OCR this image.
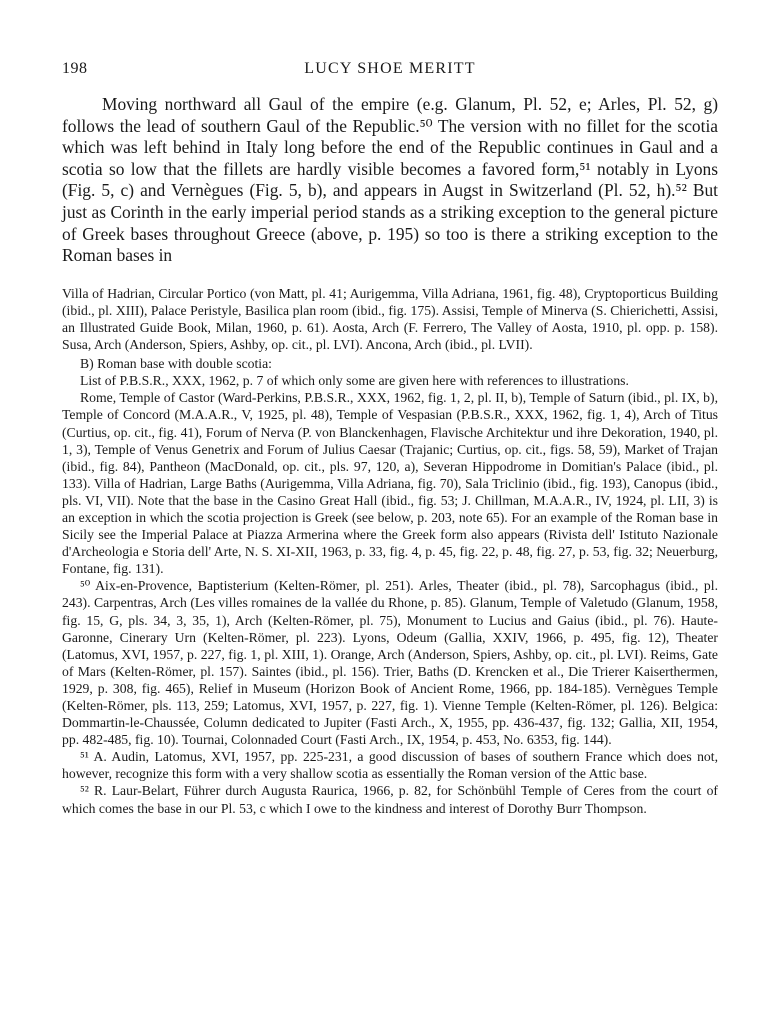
198	LUCY SHOE MERITT

Moving northward all Gaul of the empire (e.g. Glanum, Pl. 52, e; Arles, Pl. 52, g) follows the lead of southern Gaul of the Republic.⁵⁰ The version with no fillet for the scotia which was left behind in Italy long before the end of the Republic continues in Gaul and a scotia so low that the fillets are hardly visible becomes a favored form,⁵¹ notably in Lyons (Fig. 5, c) and Vernègues (Fig. 5, b), and appears in Augst in Switzerland (Pl. 52, h).⁵² But just as Corinth in the early imperial period stands as a striking exception to the general picture of Greek bases throughout Greece (above, p. 195) so too is there a striking exception to the Roman bases in

Villa of Hadrian, Circular Portico (von Matt, pl. 41; Aurigemma, Villa Adriana, 1961, fig. 48), Cryptoporticus Building (ibid., pl. XIII), Palace Peristyle, Basilica plan room (ibid., fig. 175). Assisi, Temple of Minerva (S. Chierichetti, Assisi, an Illustrated Guide Book, Milan, 1960, p. 61). Aosta, Arch (F. Ferrero, The Valley of Aosta, 1910, pl. opp. p. 158). Susa, Arch (Anderson, Spiers, Ashby, op. cit., pl. LVI). Ancona, Arch (ibid., pl. LVII).

B) Roman base with double scotia:

List of P.B.S.R., XXX, 1962, p. 7 of which only some are given here with references to illustrations.

Rome, Temple of Castor (Ward-Perkins, P.B.S.R., XXX, 1962, fig. 1, 2, pl. II, b), Temple of Saturn (ibid., pl. IX, b), Temple of Concord (M.A.A.R., V, 1925, pl. 48), Temple of Vespasian (P.B.S.R., XXX, 1962, fig. 1, 4), Arch of Titus (Curtius, op. cit., fig. 41), Forum of Nerva (P. von Blanckenhagen, Flavische Architektur und ihre Dekoration, 1940, pl. 1, 3), Temple of Venus Genetrix and Forum of Julius Caesar (Trajanic; Curtius, op. cit., figs. 58, 59), Market of Trajan (ibid., fig. 84), Pantheon (MacDonald, op. cit., pls. 97, 120, a), Severan Hippodrome in Domitian's Palace (ibid., pl. 133). Villa of Hadrian, Large Baths (Aurigemma, Villa Adriana, fig. 70), Sala Triclinio (ibid., fig. 193), Canopus (ibid., pls. VI, VII). Note that the base in the Casino Great Hall (ibid., fig. 53; J. Chillman, M.A.A.R., IV, 1924, pl. LII, 3) is an exception in which the scotia projection is Greek (see below, p. 203, note 65). For an example of the Roman base in Sicily see the Imperial Palace at Piazza Armerina where the Greek form also appears (Rivista dell' Istituto Nazionale d'Archeologia e Storia dell' Arte, N. S. XI-XII, 1963, p. 33, fig. 4, p. 45, fig. 22, p. 48, fig. 27, p. 53, fig. 32; Neuerburg, Fontane, fig. 131).

⁵⁰ Aix-en-Provence, Baptisterium (Kelten-Römer, pl. 251). Arles, Theater (ibid., pl. 78), Sarcophagus (ibid., pl. 243). Carpentras, Arch (Les villes romaines de la vallée du Rhone, p. 85). Glanum, Temple of Valetudo (Glanum, 1958, fig. 15, G, pls. 34, 3, 35, 1), Arch (Kelten-Römer, pl. 75), Monument to Lucius and Gaius (ibid., pl. 76). Haute-Garonne, Cinerary Urn (Kelten-Römer, pl. 223). Lyons, Odeum (Gallia, XXIV, 1966, p. 495, fig. 12), Theater (Latomus, XVI, 1957, p. 227, fig. 1, pl. XIII, 1). Orange, Arch (Anderson, Spiers, Ashby, op. cit., pl. LVI). Reims, Gate of Mars (Kelten-Römer, pl. 157). Saintes (ibid., pl. 156). Trier, Baths (D. Krencken et al., Die Trierer Kaiserthermen, 1929, p. 308, fig. 465), Relief in Museum (Horizon Book of Ancient Rome, 1966, pp. 184-185). Vernègues Temple (Kelten-Römer, pls. 113, 259; Latomus, XVI, 1957, p. 227, fig. 1). Vienne Temple (Kelten-Römer, pl. 126). Belgica: Dommartin-le-Chaussée, Column dedicated to Jupiter (Fasti Arch., X, 1955, pp. 436-437, fig. 132; Gallia, XII, 1954, pp. 482-485, fig. 10). Tournai, Colonnaded Court (Fasti Arch., IX, 1954, p. 453, No. 6353, fig. 144).

⁵¹ A. Audin, Latomus, XVI, 1957, pp. 225-231, a good discussion of bases of southern France which does not, however, recognize this form with a very shallow scotia as essentially the Roman version of the Attic base.

⁵² R. Laur-Belart, Führer durch Augusta Raurica, 1966, p. 82, for Schönbühl Temple of Ceres from the court of which comes the base in our Pl. 53, c which I owe to the kindness and interest of Dorothy Burr Thompson.
